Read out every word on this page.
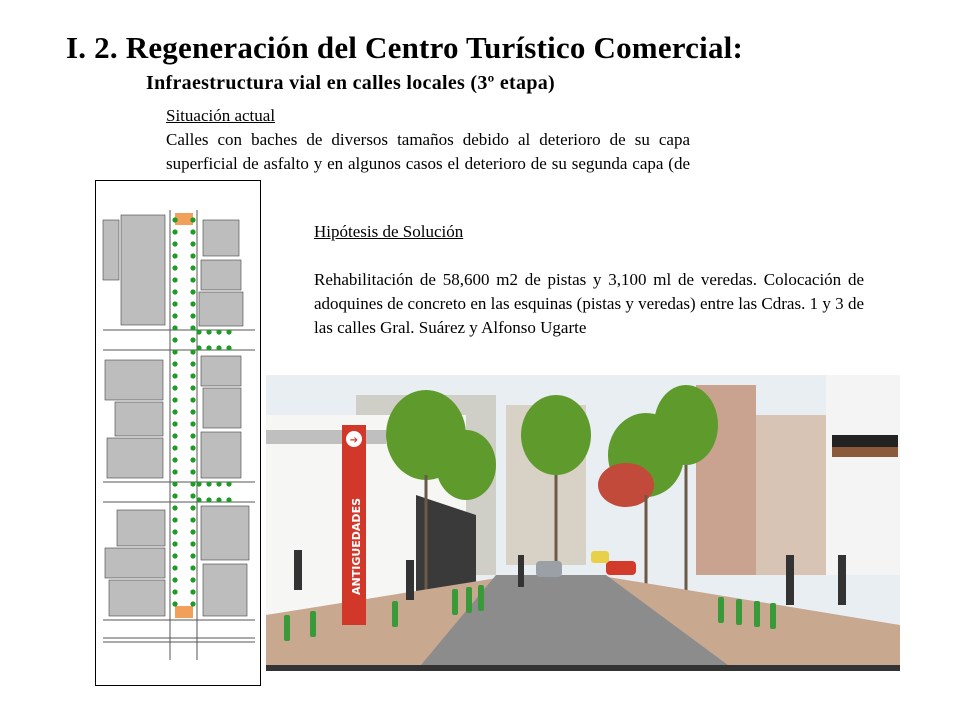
I. 2. Regeneración del Centro Turístico Comercial:
Infraestructura vial en calles locales (3º etapa)
Situación actual
Calles con baches de diversos tamaños debido al deterioro de su capa superficial de asfalto y en algunos casos el deterioro de su segunda capa (de
Hipótesis de Solución
Rehabilitación de 58,600 m2 de pistas y 3,100 ml de veredas. Colocación de adoquines de concreto en las esquinas (pistas y veredas) entre las Cdras. 1 y 3 de las calles Gral. Suárez y Alfonso Ugarte
➔
ANTIGUEDADES
